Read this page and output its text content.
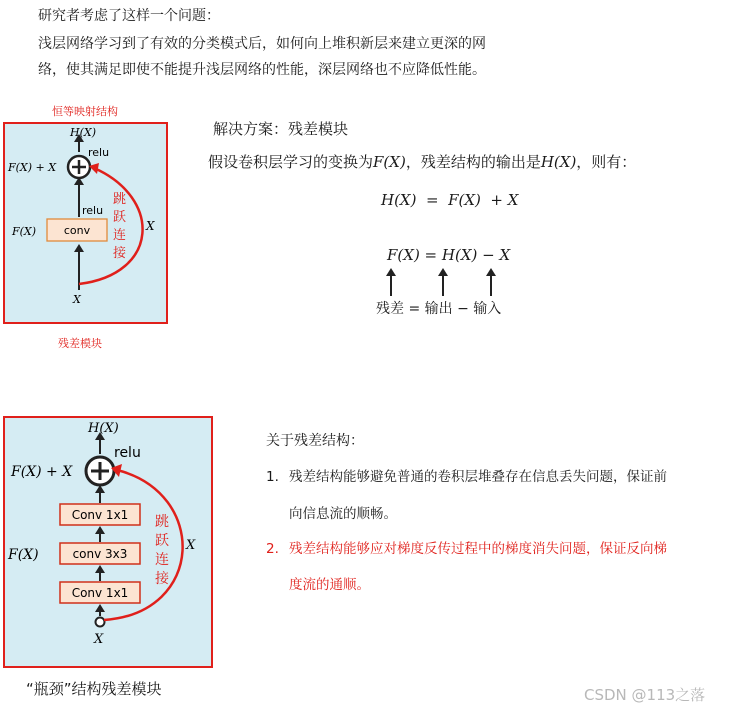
研究者考虑了这样一个问题：
浅层网络学习到了有效的分类模式后，如何向上堆积新层来建立更深的网
络，使其满足即使不能提升浅层网络的性能，深层网络也不应降低性能。
恒等映射结构
H(X)
relu
F(X) + X
relu
F(X)	conv
X
X
跳
跃
连
接
残差模块
解决方案：残差模块
假设卷积层学习的变换为F(X)，残差结构的输出是H(X)，则有：
H(X)  =  F(X)  + X
F(X) = H(X) − X
残差 = 输出 − 输入
H(X)
relu
F(X) + X
F(X)
Conv 1x1
conv 3x3
Conv 1x1
X
X
跳
跃
连
接
“瓶颈”结构残差模块
关于残差结构：
1. 残差结构能够避免普通的卷积层堆叠存在信息丢失问题，保证前
向信息流的顺畅。
2. 残差结构能够应对梯度反传过程中的梯度消失问题，保证反向梯
度流的通顺。
CSDN @113之落
